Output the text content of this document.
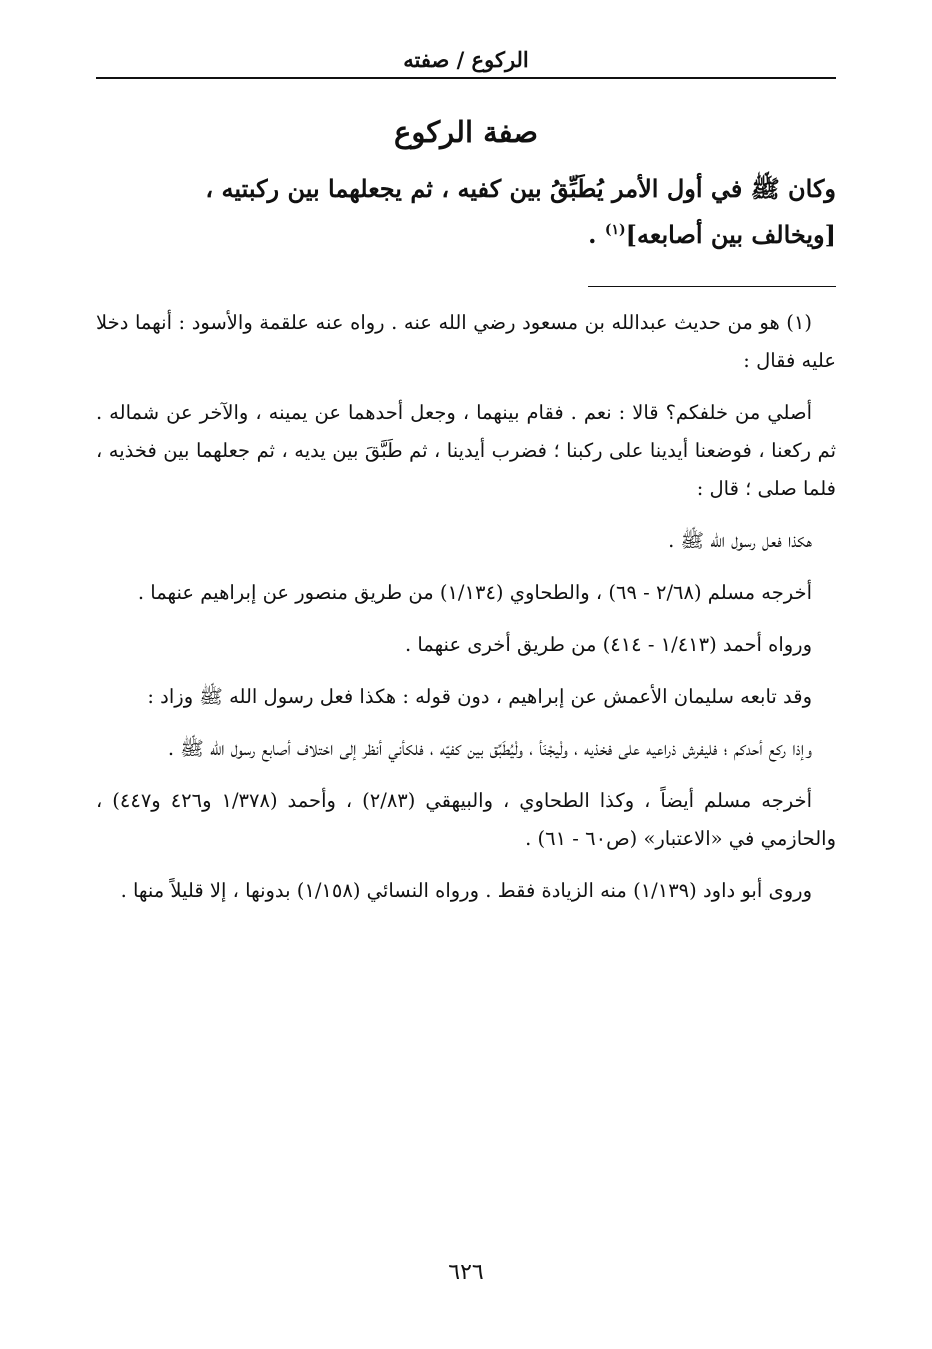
الركوع / صفته
صفة الركوع

وكان ﷺ في أول الأمر يُطَبِّقُ بين كفيه ، ثم يجعلهما بين ركبتيه ،

[ويخالف بين أصابعه]$^{(١)}$ .

(١) هو من حديث عبدالله بن مسعود رضي الله عنه . رواه عنه علقمة والأسود : أنهما دخلا عليه فقال :

أصلي من خلفكم؟ قالا : نعم . فقام بينهما ، وجعل أحدهما عن يمينه ، والآخر عن شماله . ثم ركعنا ، فوضعنا أيدينا على ركبنا ؛ فضرب أيدينا ، ثم طَبَّقَ بين يديه ، ثم جعلهما بين فخذيه ، فلما صلى ؛ قال :

هكذا فعل رسول الله ﷺ .

أخرجه مسلم (٢/٦٨ - ٦٩) ، والطحاوي (١/١٣٤) من طريق منصور عن إبراهيم عنهما .

ورواه أحمد (١/٤١٣ - ٤١٤) من طريق أخرى عنهما .

وقد تابعه سليمان الأعمش عن إبراهيم ، دون قوله : هكذا فعل رسول الله ﷺ وزاد :

وإذا ركع أحدكم ؛ فليفرش ذراعيه على فخذيه ، ولْيجْنَأ ، ولْيُطَبِّق بين كفيّه ، فلكأني أنظر إلى اختلاف أصابع رسول الله ﷺ .

أخرجه مسلم أيضاً ، وكذا الطحاوي ، والبيهقي (٢/٨٣) ، وأحمد (١/٣٧٨ و٤٢٦ و٤٤٧) ، والحازمي في «الاعتبار» (ص٦٠ - ٦١) .

وروى أبو داود (١/١٣٩) منه الزيادة فقط . ورواه النسائي (١/١٥٨) بدونها ، إلا قليلاً منها .

٦٢٦
